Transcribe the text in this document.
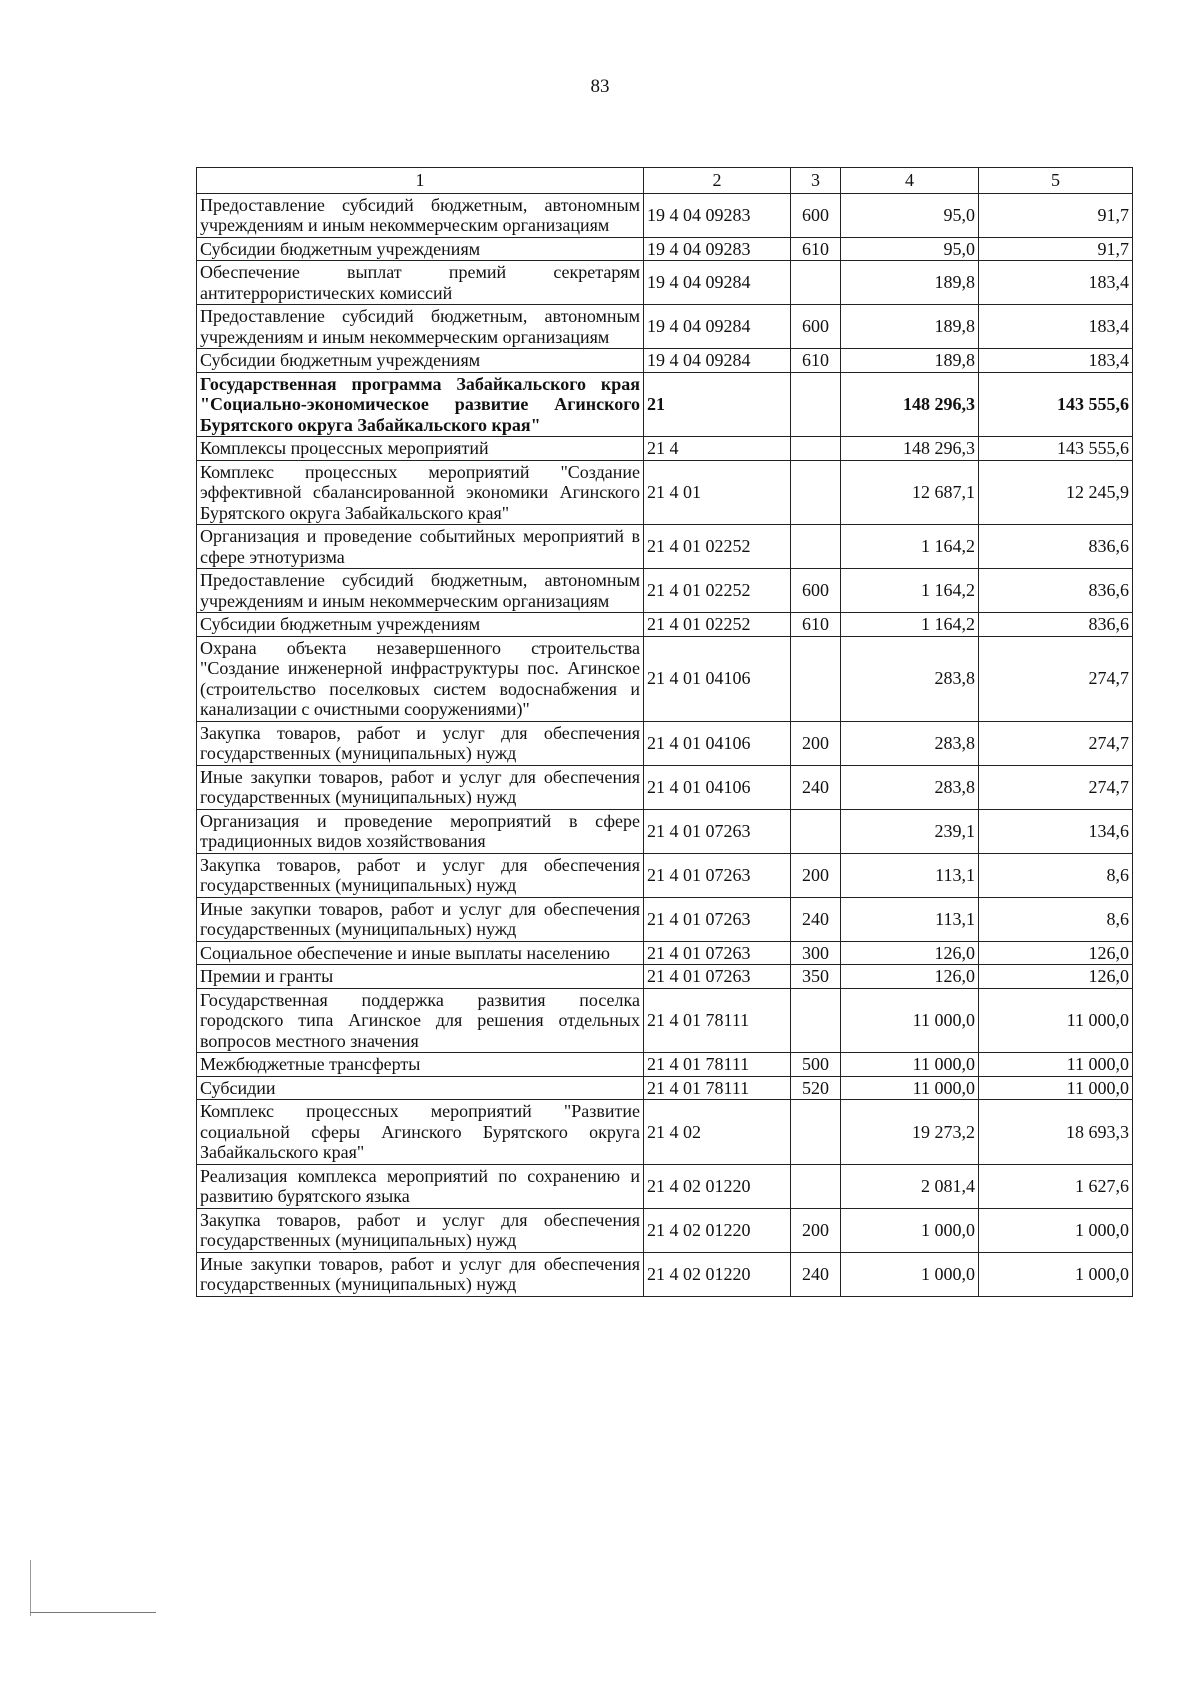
83
1	2	3	4	5
Предоставление субсидий бюджетным, автономным учреждениям и иным некоммерческим организациям	19 4 04 09283	600	95,0	91,7
Субсидии бюджетным учреждениям	19 4 04 09283	610	95,0	91,7
Обеспечение выплат премий секретарям антитеррористических комиссий	19 4 04 09284		189,8	183,4
Предоставление субсидий бюджетным, автономным учреждениям и иным некоммерческим организациям	19 4 04 09284	600	189,8	183,4
Субсидии бюджетным учреждениям	19 4 04 09284	610	189,8	183,4
Государственная программа Забайкальского края "Социально-экономическое развитие Агинского Бурятского округа Забайкальского края"	21		148 296,3	143 555,6
Комплексы процессных мероприятий	21 4		148 296,3	143 555,6
Комплекс процессных мероприятий "Создание эффективной сбалансированной экономики Агинского Бурятского округа Забайкальского края"	21 4 01		12 687,1	12 245,9
Организация и проведение событийных мероприятий в сфере этнотуризма	21 4 01 02252		1 164,2	836,6
Предоставление субсидий бюджетным, автономным учреждениям и иным некоммерческим организациям	21 4 01 02252	600	1 164,2	836,6
Субсидии бюджетным учреждениям	21 4 01 02252	610	1 164,2	836,6
Охрана объекта незавершенного строительства "Создание инженерной инфраструктуры пос. Агинское (строительство поселковых систем водоснабжения и канализации с очистными сооружениями)"	21 4 01 04106		283,8	274,7
Закупка товаров, работ и услуг для обеспечения государственных (муниципальных) нужд	21 4 01 04106	200	283,8	274,7
Иные закупки товаров, работ и услуг для обеспечения государственных (муниципальных) нужд	21 4 01 04106	240	283,8	274,7
Организация и проведение мероприятий в сфере традиционных видов хозяйствования	21 4 01 07263		239,1	134,6
Закупка товаров, работ и услуг для обеспечения государственных (муниципальных) нужд	21 4 01 07263	200	113,1	8,6
Иные закупки товаров, работ и услуг для обеспечения государственных (муниципальных) нужд	21 4 01 07263	240	113,1	8,6
Социальное обеспечение и иные выплаты населению	21 4 01 07263	300	126,0	126,0
Премии и гранты	21 4 01 07263	350	126,0	126,0
Государственная поддержка развития поселка городского типа Агинское для решения отдельных вопросов местного значения	21 4 01 78111		11 000,0	11 000,0
Межбюджетные трансферты	21 4 01 78111	500	11 000,0	11 000,0
Субсидии	21 4 01 78111	520	11 000,0	11 000,0
Комплекс процессных мероприятий "Развитие социальной сферы Агинского Бурятского округа Забайкальского края"	21 4 02		19 273,2	18 693,3
Реализация комплекса мероприятий по сохранению и развитию бурятского языка	21 4 02 01220		2 081,4	1 627,6
Закупка товаров, работ и услуг для обеспечения государственных (муниципальных) нужд	21 4 02 01220	200	1 000,0	1 000,0
Иные закупки товаров, работ и услуг для обеспечения государственных (муниципальных) нужд	21 4 02 01220	240	1 000,0	1 000,0
